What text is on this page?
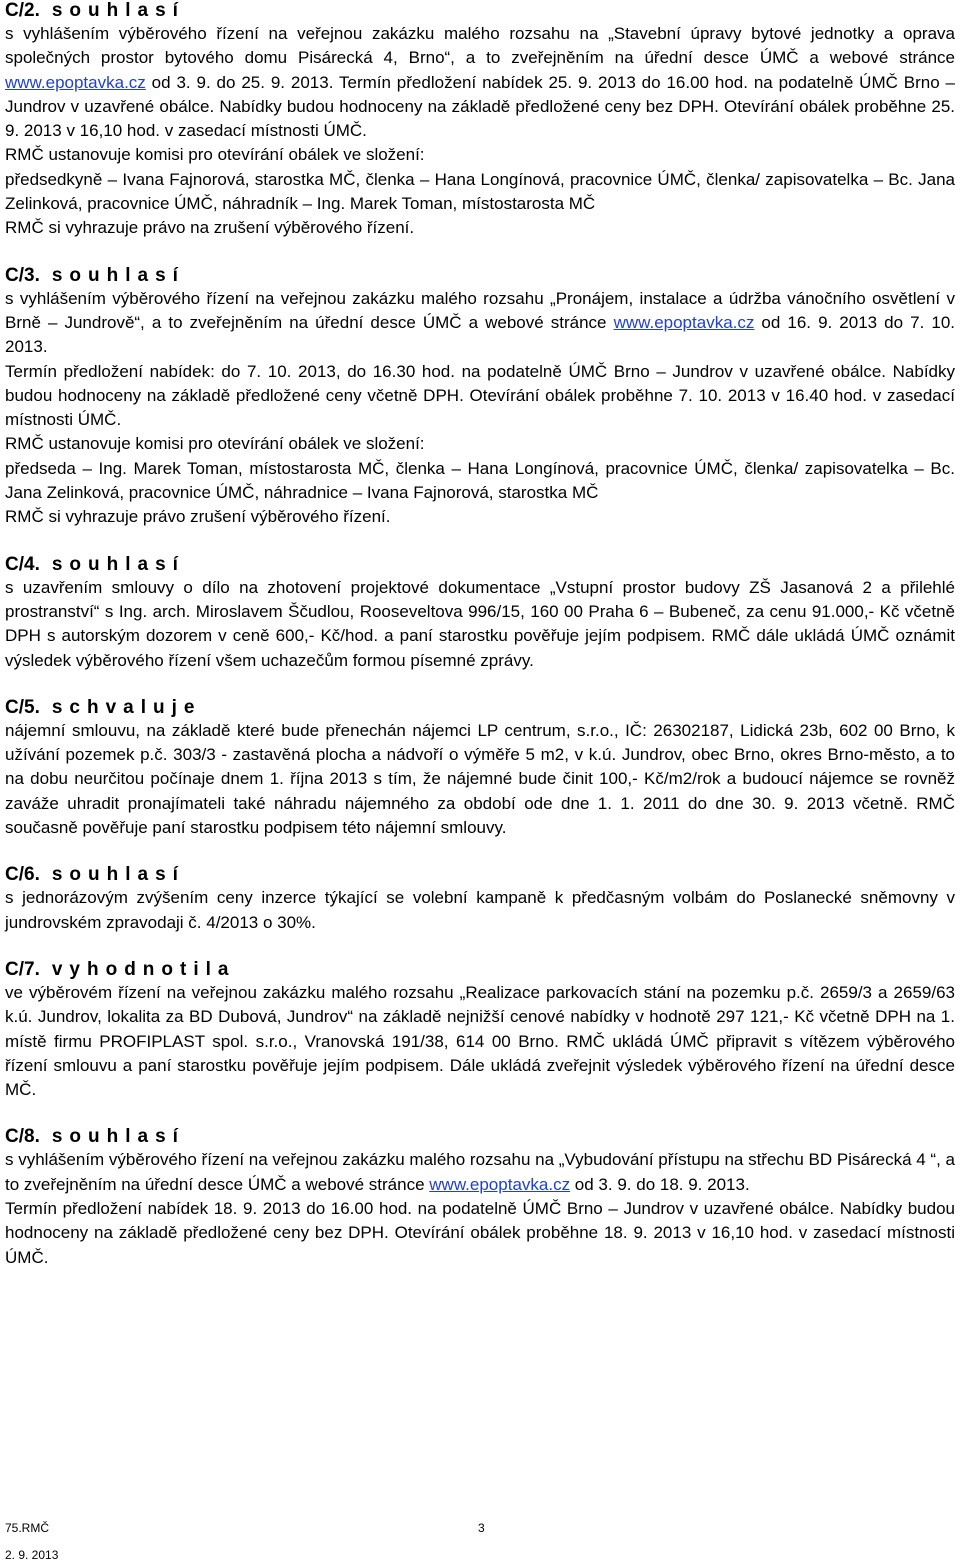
C/2. souhlasí

s vyhlášením výběrového řízení na veřejnou zakázku malého rozsahu na „Stavební úpravy bytové jednotky a oprava společných prostor bytového domu Pisárecká 4, Brno“, a to zveřejněním na úřední desce ÚMČ a webové stránce www.epoptavka.cz od 3. 9. do 25. 9. 2013. Termín předložení nabídek 25. 9. 2013 do 16.00 hod. na podatelně ÚMČ Brno – Jundrov v uzavřené obálce. Nabídky budou hodnoceny na základě předložené ceny bez DPH. Otevírání obálek proběhne 25. 9. 2013 v 16,10 hod. v zasedací místnosti ÚMČ.

RMČ ustanovuje komisi pro otevírání obálek ve složení:

předsedkyně – Ivana Fajnorová, starostka MČ, členka – Hana Longínová, pracovnice ÚMČ, členka/ zapisovatelka – Bc. Jana Zelinková, pracovnice ÚMČ, náhradník – Ing. Marek Toman, místostarosta MČ

RMČ si vyhrazuje právo na zrušení výběrového řízení.

C/3. souhlasí

s vyhlášením výběrového řízení na veřejnou zakázku malého rozsahu „Pronájem, instalace a údržba vánočního osvětlení v Brně – Jundrově“, a to zveřejněním na úřední desce ÚMČ a webové stránce www.epoptavka.cz od 16. 9. 2013 do 7. 10. 2013.

Termín předložení nabídek: do 7. 10. 2013, do 16.30 hod. na podatelně ÚMČ Brno – Jundrov v uzavřené obálce. Nabídky budou hodnoceny na základě předložené ceny včetně DPH. Otevírání obálek proběhne 7. 10. 2013 v 16.40 hod. v zasedací místnosti ÚMČ.

RMČ ustanovuje komisi pro otevírání obálek ve složení:

předseda – Ing. Marek Toman, místostarosta MČ, členka – Hana Longínová, pracovnice ÚMČ, členka/ zapisovatelka – Bc. Jana Zelinková, pracovnice ÚMČ, náhradnice – Ivana Fajnorová, starostka MČ

RMČ si vyhrazuje právo zrušení výběrového řízení.

C/4. souhlasí

s uzavřením smlouvy o dílo na zhotovení projektové dokumentace „Vstupní prostor budovy ZŠ Jasanová 2 a přilehlé prostranství“ s Ing. arch. Miroslavem Ščudlou, Rooseveltova 996/15, 160 00 Praha 6 – Bubeneč, za cenu 91.000,- Kč včetně DPH s autorským dozorem v ceně 600,- Kč/hod. a paní starostku pověřuje jejím podpisem. RMČ dále ukládá ÚMČ oznámit výsledek výběrového řízení všem uchazečům formou písemné zprávy.

C/5. schvaluje

nájemní smlouvu, na základě které bude přenechán nájemci LP centrum, s.r.o., IČ: 26302187, Lidická 23b, 602 00 Brno, k užívání pozemek p.č. 303/3 - zastavěná plocha a nádvoří o výměře 5 m2, v k.ú. Jundrov, obec Brno, okres Brno-město, a to na dobu neurčitou počínaje dnem 1. října 2013 s tím, že nájemné bude činit 100,- Kč/m2/rok a budoucí nájemce se rovněž zaváže uhradit pronajímateli také náhradu nájemného za období ode dne 1. 1. 2011 do dne 30. 9. 2013 včetně. RMČ současně pověřuje paní starostku podpisem této nájemní smlouvy.

C/6. souhlasí

s jednorázovým zvýšením ceny inzerce týkající se volební kampaně k předčasným volbám do Poslanecké sněmovny v jundrovském zpravodaji č. 4/2013 o 30%.

C/7. vyhodnotila

ve výběrovém řízení na veřejnou zakázku malého rozsahu „Realizace parkovacích stání na pozemku p.č. 2659/3 a 2659/63 k.ú. Jundrov, lokalita za BD Dubová, Jundrov“ na základě nejnižší cenové nabídky v hodnotě 297 121,- Kč včetně DPH na 1. místě firmu PROFIPLAST spol. s.r.o., Vranovská 191/38, 614 00 Brno. RMČ ukládá ÚMČ připravit s vítězem výběrového řízení smlouvu a paní starostku pověřuje jejím podpisem. Dále ukládá zveřejnit výsledek výběrového řízení na úřední desce MČ.

C/8. souhlasí

s vyhlášením výběrového řízení na veřejnou zakázku malého rozsahu na „Vybudování přístupu na střechu BD Pisárecká 4 “, a to zveřejněním na úřední desce ÚMČ a webové stránce www.epoptavka.cz od 3. 9. do 18. 9. 2013.

Termín předložení nabídek 18. 9. 2013 do 16.00 hod. na podatelně ÚMČ Brno – Jundrov v uzavřené obálce. Nabídky budou hodnoceny na základě předložené ceny bez DPH. Otevírání obálek proběhne 18. 9. 2013 v 16,10 hod. v zasedací místnosti ÚMČ.

75.RMČ	3
2. 9. 2013
